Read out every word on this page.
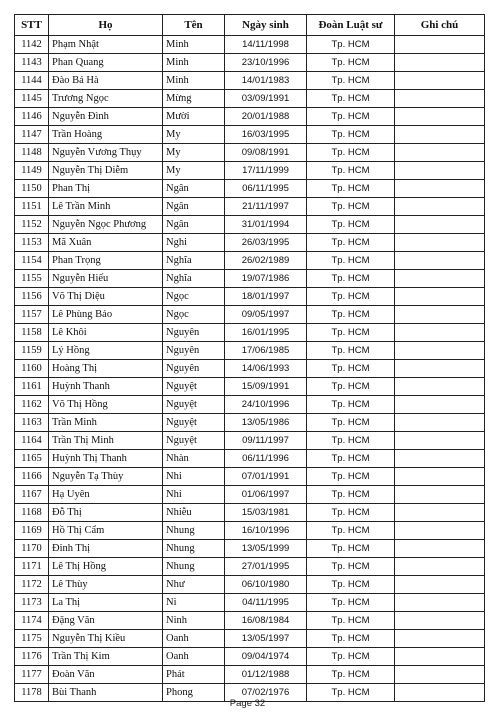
STT	Họ	Tên	Ngày sinh	Đoàn Luật sư	Ghi chú
1142	Phạm Nhật	Minh	14/11/1998	Tp. HCM	
1143	Phan Quang	Minh	23/10/1996	Tp. HCM	
1144	Đào Bá Hà	Minh	14/01/1983	Tp. HCM	
1145	Trương Ngọc	Mừng	03/09/1991	Tp. HCM	
1146	Nguyễn Đình	Mười	20/01/1988	Tp. HCM	
1147	Trần Hoàng	My	16/03/1995	Tp. HCM	
1148	Nguyễn Vương Thụy	My	09/08/1991	Tp. HCM	
1149	Nguyễn Thị Diễm	My	17/11/1999	Tp. HCM	
1150	Phan Thị	Ngân	06/11/1995	Tp. HCM	
1151	Lê Trần Minh	Ngân	21/11/1997	Tp. HCM	
1152	Nguyễn Ngọc Phương	Ngân	31/01/1994	Tp. HCM	
1153	Mã Xuân	Nghi	26/03/1995	Tp. HCM	
1154	Phan Trọng	Nghĩa	26/02/1989	Tp. HCM	
1155	Nguyễn Hiếu	Nghĩa	19/07/1986	Tp. HCM	
1156	Võ Thị Diệu	Ngọc	18/01/1997	Tp. HCM	
1157	Lê Phùng Bảo	Ngọc	09/05/1997	Tp. HCM	
1158	Lê Khôi	Nguyên	16/01/1995	Tp. HCM	
1159	Lý Hồng	Nguyên	17/06/1985	Tp. HCM	
1160	Hoàng Thị	Nguyên	14/06/1993	Tp. HCM	
1161	Huỳnh Thanh	Nguyệt	15/09/1991	Tp. HCM	
1162	Võ Thị Hồng	Nguyệt	24/10/1996	Tp. HCM	
1163	Trần Minh	Nguyệt	13/05/1986	Tp. HCM	
1164	Trần Thị Minh	Nguyệt	09/11/1997	Tp. HCM	
1165	Huỳnh Thị Thanh	Nhàn	06/11/1996	Tp. HCM	
1166	Nguyễn Tạ Thùy	Nhi	07/01/1991	Tp. HCM	
1167	Hạ Uyên	Nhi	01/06/1997	Tp. HCM	
1168	Đỗ Thị	Nhiễu	15/03/1981	Tp. HCM	
1169	Hồ Thị Cẩm	Nhung	16/10/1996	Tp. HCM	
1170	Đinh Thị	Nhung	13/05/1999	Tp. HCM	
1171	Lê Thị Hồng	Nhung	27/01/1995	Tp. HCM	
1172	Lê Thùy	Như	06/10/1980	Tp. HCM	
1173	La Thị	Ni	04/11/1995	Tp. HCM	
1174	Đặng Văn	Ninh	16/08/1984	Tp. HCM	
1175	Nguyễn Thị Kiều	Oanh	13/05/1997	Tp. HCM	
1176	Trần Thị Kim	Oanh	09/04/1974	Tp. HCM	
1177	Đoàn Văn	Phát	01/12/1988	Tp. HCM	
1178	Bùi Thanh	Phong	07/02/1976	Tp. HCM	
Page 32
